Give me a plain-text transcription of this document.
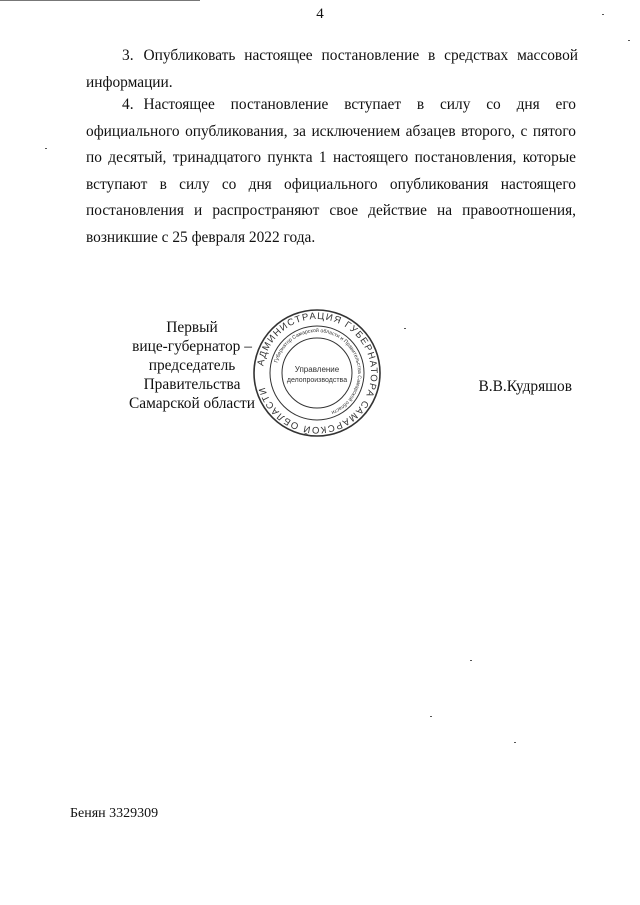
4
3. Опубликовать настоящее постановление в средствах массовой информации.
4. Настоящее постановление вступает в силу со дня его официального опубликования, за исключением абзацев второго, с пятого по десятый, тринадцатого пункта 1 настоящего постановления, которые вступают в силу со дня официального опубликования настоящего постановления и распространяют свое действие на правоотношения, возникшие с 25 февраля 2022 года.
Первый
вице-губернатор –
председатель Правительства
Самарской области
АДМИНИСТРАЦИЯ ГУБЕРНАТОРА САМАРСКОЙ ОБЛАСТИ
Губернатор Самарской области и Правительства Самарской области
Управление
делопроизводства	В.В.Кудряшов
Бенян 3329309
